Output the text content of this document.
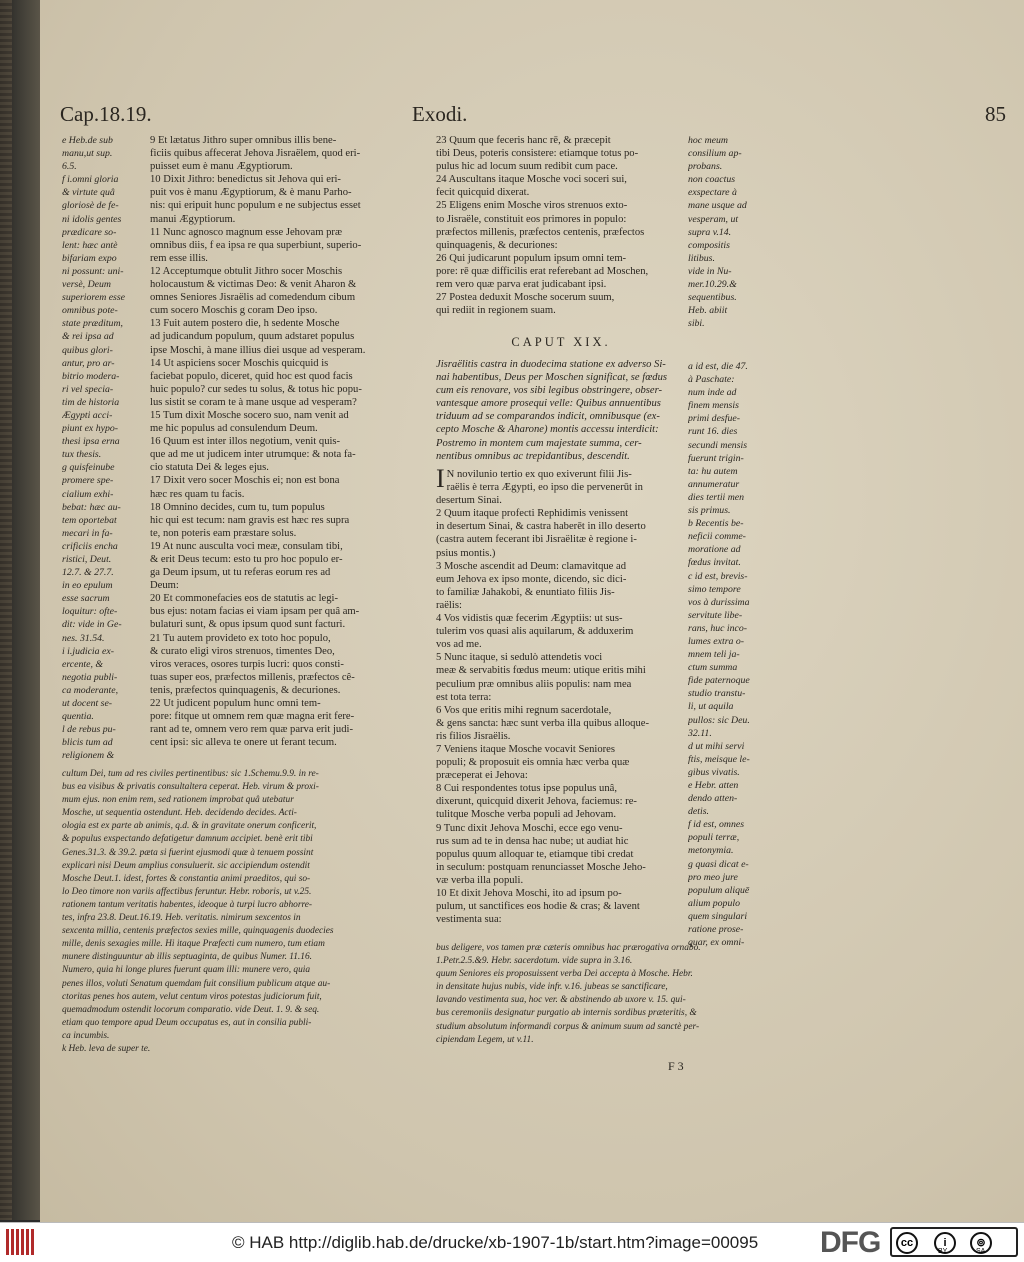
Cap.18.19.	Exodi.	85
e Heb.de sub
manu,ut sup.
6.5.
f i.omni gloria
& virtute quâ
gloriosè de fe-
ni idolis gentes
prædicare so-
lent: hæc antè
bifariam expo
ni possunt: uni-
versè, Deum
superiorem esse
omnibus pote-
state præditum,
& rei ipsa ad
quibus glori-
antur, pro ar-
bitrio modera-
ri vel specia-
tim de historia
Ægypti acci-
piunt ex hypo-
thesi ipsa erna
tux thesis.
g quisfeinube
promere spe-
cialium exhi-
bebat: hæc au-
tem oportebat
mecari in fa-
crificiis encha
ristici, Deut.
12.7. & 27.7.
in eo epulum
esse sacrum
loquitur: ofte-
dit: vide in Ge-
nes. 31.54.
i i.judicia ex-
ercente, &
negotia publi-
ca moderante,
ut docent se-
quentia.
l de rebus pu-
blicis tum ad
religionem &
9 Et lætatus Jithro super omnibus illis bene-
ficiis quibus affecerat Jehova Jisraëlem, quod eri-
puisset eum è manu Ægyptiorum.
10 Dixit Jithro: benedictus sit Jehova qui eri-
puit vos è manu Ægyptiorum, & è manu Parho-
nis: qui eripuit hunc populum e ne subjectus esset
manui Ægyptiorum.
11 Nunc agnosco magnum esse Jehovam præ
omnibus diis, f ea ipsa re qua superbiunt, superio-
rem esse illis.
12 Acceptumque obtulit Jithro socer Moschis
holocaustum & victimas Deo: & venit Aharon &
omnes Seniores Jisraëlis ad comedendum cibum
cum socero Moschis g coram Deo ipso.
13 Fuit autem postero die, h sedente Mosche
ad judicandum populum, quum adstaret populus
ipse Moschi, à mane illius diei usque ad vesperam.
14 Ut aspiciens socer Moschis quicquid is
faciebat populo, diceret, quid hoc est quod facis
huic populo? cur sedes tu solus, & totus hic popu-
lus sistit se coram te à mane usque ad vesperam?
15 Tum dixit Mosche socero suo, nam venit ad
me hic populus ad consulendum Deum.
16 Quum est inter illos negotium, venit quis-
que ad me ut judicem inter utrumque: & nota fa-
cio statuta Dei & leges ejus.
17 Dixit vero socer Moschis ei; non est bona
hæc res quam tu facis.
18 Omnino decides, cum tu, tum populus
hic qui est tecum: nam gravis est hæc res supra
te, non poteris eam præstare solus.
19 At nunc ausculta voci meæ, consulam tibi,
& erit Deus tecum: esto tu pro hoc populo er-
ga Deum ipsum, ut tu referas eorum res ad
Deum:
20 Et commonefacies eos de statutis ac legi-
bus ejus: notam facias ei viam ipsam per quâ am-
bulaturi sunt, & opus ipsum quod sunt facturi.
21 Tu autem provideto ex toto hoc populo,
& curato eligi viros strenuos, timentes Deo,
viros veraces, osores turpis lucri: quos consti-
tuas super eos, præfectos millenis, præfectos cê-
tenis, præfectos quinquagenis, & decuriones.
22 Ut judicent populum hunc omni tem-
pore: fitque ut omnem rem quæ magna erit fere-
rant ad te, omnem vero rem quæ parva erit judi-
cent ipsi: sic alleva te onere ut ferant tecum.
cultum Dei, tum ad res civiles pertinentibus: sic 1.Schemu.9.9. in re-
bus ea visibus & privatis consultaltera ceperat. Heb. virum & proxi-
mum ejus. non enim rem, sed rationem improbat quâ utebatur
Mosche, ut sequentia ostendunt. Heb. decidendo decides. Acti-
ologia est ex parte ab animis, q.d. & in gravitate onerum conficerit,
& populus exspectando defatigetur damnum accipiet. benè erit tibi
Genes.31.3. & 39.2. pæta si fuerint ejusmodi quæ à tenuem possint
explicari nisi Deum amplius consuluerit. sic accipiendum ostendit
Mosche Deut.1. idest, fortes & constantia animi praeditos, qui so-
lo Deo timore non variis affectibus feruntur. Hebr. roboris, ut v.25.
rationem tantum veritatis habentes, ideoque à turpi lucro abhorre-
tes, infra 23.8. Deut.16.19. Heb. veritatis. nimirum sexcentos in
sexcenta millia, centenis præfectos sexies mille, quinquagenis duodecies
mille, denis sexagies mille. Hi itaque Præfecti cum numero, tum etiam
munere distinguuntur ab illis septuaginta, de quibus Numer. 11.16.
Numero, quia hi longe plures fuerunt quam illi: munere vero, quia
penes illos, voluti Senatum quemdam fuit consilium publicum atque au-
ctoritas penes hos autem, velut centum viros potestas judiciorum fuit,
quemadmodum ostendit locorum comparatio. vide Deut. 1. 9. & seq.
etiam quo tempore apud Deum occupatus es, aut in consilia publi-
ca incumbis.
k Heb. leva de super te.
23 Quum que feceris hanc rē, & præcepit
tibi Deus, poteris consistere: etiamque totus po-
pulus hic ad locum suum redibit cum pace.
24 Auscultans itaque Mosche voci soceri sui,
fecit quicquid dixerat.
25 Eligens enim Mosche viros strenuos exto-
to Jisraële, constituit eos primores in populo:
præfectos millenis, præfectos centenis, præfectos
quinquagenis, & decuriones:
26 Qui judicarunt populum ipsum omni tem-
pore: rē quæ difficilis erat referebant ad Moschen,
rem vero quæ parva erat judicabant ipsi.
27 Postea deduxit Mosche socerum suum,
qui rediit in regionem suam.
hoc meum
consilium ap-
probans.
non coactus
exspectare à
mane usque ad
vesperam, ut
supra v.14.
compositis
litibus.
vide in Nu-
mer.10.29.&
sequentibus.
Heb. abiit
sibi.
CAPUT XIX.
Jisraëlitis castra in duodecima statione ex adverso Si-
nai habentibus, Deus per Moschen significat, se fœdus
cum eis renovare, vos sibi legibus obstringere, obser-
vantesque amore prosequi velle: Quibus annuentibus
triduum ad se comparandos indicit, omnibusque (ex-
cepto Mosche & Aharone) montis accessu interdicit:
Postremo in montem cum majestate summa, cer-
nentibus omnibus ac trepidantibus, descendit.
I N novilunio tertio ex quo exiverunt filii Jis-
raëlis è terra Ægypti, eo ipso die pervenerūt in
desertum Sinai.
2 Quum itaque profecti Rephidimis venissent
in desertum Sinai, & castra haberēt in illo deserto
(castra autem fecerant ibi Jisraëlitæ è regione i-
psius montis.)
3 Mosche ascendit ad Deum: clamavitque ad
eum Jehova ex ipso monte, dicendo, sic dici-
to familiæ Jahakobi, & enuntiato filiis Jis-
raëlis:
4 Vos vidistis quæ fecerim Ægyptiis: ut sus-
tulerim vos quasi alis aquilarum, & adduxerim
vos ad me.
5 Nunc itaque, si sedulò attendetis voci
meæ & servabitis fœdus meum: utique eritis mihi
peculium præ omnibus aliis populis: nam mea
est tota terra:
6 Vos que eritis mihi regnum sacerdotale,
& gens sancta: hæc sunt verba illa quibus alloque-
ris filios Jisraëlis.
7 Veniens itaque Mosche vocavit Seniores
populi; & proposuit eis omnia hæc verba quæ
præceperat ei Jehova:
8 Cui respondentes totus ipse populus unâ,
dixerunt, quicquid dixerit Jehova, faciemus: re-
tulitque Mosche verba populi ad Jehovam.
9 Tunc dixit Jehova Moschi, ecce ego venu-
rus sum ad te in densa hac nube; ut audiat hic
populus quum alloquar te, etiamque tibi credat
in seculum: postquam renunciasset Mosche Jeho-
væ verba illa populi.
10 Et dixit Jehova Moschi, ito ad ipsum po-
pulum, ut sanctifices eos hodie & cras; & lavent
vestimenta sua:
a id est, die 47.
à Paschate:
num inde ad
finem mensis
primi desfue-
runt 16. dies
secundi mensis
fuerunt trigin-
ta: hu autem
annumeratur
dies tertii men
sis primus.
b Recentis be-
neficii comme-
moratione ad
fœdus invitat.
c id est, brevis-
simo tempore
vos à durissima
servitute libe-
rans, huc inco-
lumes extra o-
mnem teli ja-
ctum summa
fide paternoque
studio transtu-
li, ut aquila
pullos: sic Deu.
32.11.
d ut mihi servi
ftis, meisque le-
gibus vivatis.
e Hebr. atten
dendo atten-
detis.
f id est, omnes
populi terræ,
metonymia.
g quasi dicat e-
pro meo jure
populum aliquē
alium populo
quem singulari
ratione prose-
quar, ex omni-
bus deligere, vos tamen præ cæteris omnibus hac prærogativa ornabo.
1.Petr.2.5.&9. Hebr. sacerdotum. vide supra in 3.16.
quum Seniores eis proposuissent verba Dei accepta à Mosche. Hebr.
in densitate hujus nubis, vide infr. v.16. jubeas se sanctificare,
lavando vestimenta sua, hoc ver. & abstinendo ab uxore v. 15. qui-
bus ceremoniis designatur purgatio ab internis sordibus præteritis, &
studium absolutum informandi corpus & animum suum ad sanctè per-
cipiendam Legem, ut v.11.
F 3
© HAB http://diglib.hab.de/drucke/xb-1907-1b/start.htm?image=00095 DFG	cc	i	⊚
BY	SA
